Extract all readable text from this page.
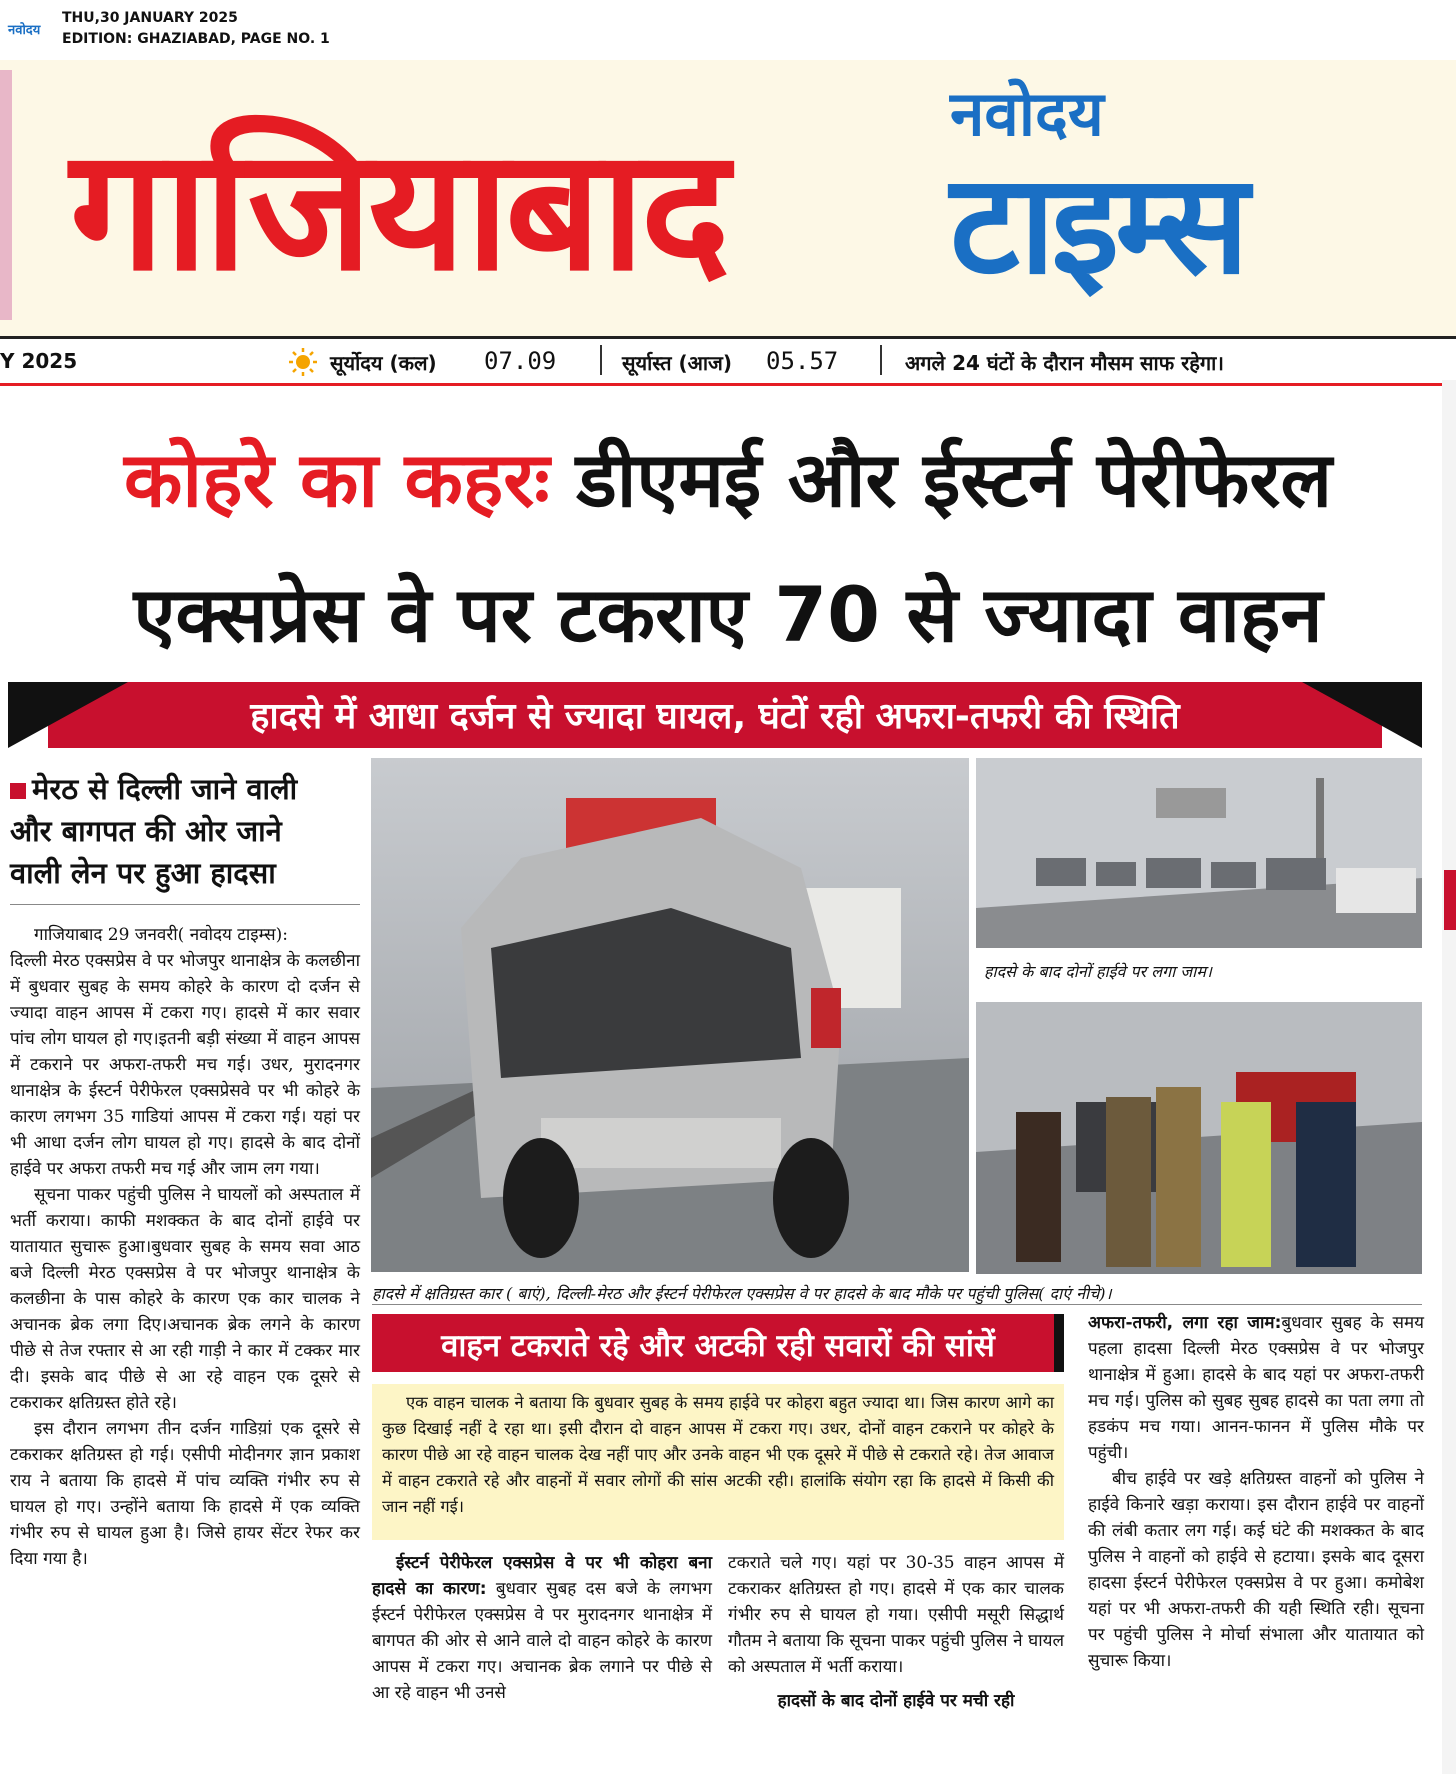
नवोदय
THU,30 JANUARY 2025
EDITION: GHAZIABAD, PAGE NO. 1
गाजियाबाद	नवोदय
टाइम्स
Y 2025	सूर्योदय (कल) 07.09	सूर्यास्त (आज) 05.57	अगले 24 घंटों के दौरान मौसम साफ रहेगा।
कोहरे का कहरः डीएमई और ईस्टर्न पेरीफेरल
एक्सप्रेस वे पर टकराए 70 से ज्यादा वाहन
हादसे में आधा दर्जन से ज्यादा घायल, घंटों रही अफरा-तफरी की स्थिति
मेरठ से दिल्ली जाने वाली
और बागपत की ओर जाने
वाली लेन पर हुआ हादसा

गाजियाबाद 29 जनवरी( नवोदय टाइम्स):

दिल्ली मेरठ एक्सप्रेस वे पर भोजपुर थानाक्षेत्र के कलछीना में बुधवार सुबह के समय कोहरे के कारण दो दर्जन से ज्यादा वाहन आपस में टकरा गए। हादसे में कार सवार पांच लोग घायल हो गए।इतनी बड़ी संख्या में वाहन आपस में टकराने पर अफरा-तफरी मच गई। उधर, मुरादनगर थानाक्षेत्र के ईस्टर्न पेरीफेरल एक्सप्रेसवे पर भी कोहरे के कारण लगभग 35 गाडियां आपस में टकरा गई। यहां पर भी आधा दर्जन लोग घायल हो गए। हादसे के बाद दोनों हाईवे पर अफरा तफरी मच गई और जाम लग गया।

सूचना पाकर पहुंची पुलिस ने घायलों को अस्पताल में भर्ती कराया। काफी मशक्कत के बाद दोनों हाईवे पर यातायात सुचारू हुआ।बुधवार सुबह के समय सवा आठ बजे दिल्ली मेरठ एक्सप्रेस वे पर भोजपुर थानाक्षेत्र के कलछीना के पास कोहरे के कारण एक कार चालक ने अचानक ब्रेक लगा दिए।अचानक ब्रेक लगने के कारण पीछे से तेज रफ्तार से आ रही गाड़ी ने कार में टक्कर मार दी। इसके बाद पीछे से आ रहे वाहन एक दूसरे से टकराकर क्षतिग्रस्त होते रहे।

इस दौरान लगभग तीन दर्जन गाडिय़ां एक दूसरे से टकराकर क्षतिग्रस्त हो गई। एसीपी मोदीनगर ज्ञान प्रकाश राय ने बताया कि हादसे में पांच व्यक्ति गंभीर रुप से घायल हो गए। उन्होंने बताया कि हादसे में एक व्यक्ति गंभीर रुप से घायल हुआ है। जिसे हायर सेंटर रेफर कर दिया गया है।

हादसे के बाद दोनों हाईवे पर लगा जाम।
हादसे में क्षतिग्रस्त कार ( बाएं), दिल्ली-मेरठ और ईस्टर्न पेरीफेरल एक्सप्रेस वे पर हादसे के बाद मौके पर पहुंची पुलिस( दाएं नीचे)।
वाहन टकराते रहे और अटकी रही सवारों की सांसें

एक वाहन चालक ने बताया कि बुधवार सुबह के समय हाईवे पर कोहरा बहुत ज्यादा था। जिस कारण आगे का कुछ दिखाई नहीं दे रहा था। इसी दौरान दो वाहन आपस में टकरा गए। उधर, दोनों वाहन टकराने पर कोहरे के कारण पीछे आ रहे वाहन चालक देख नहीं पाए और उनके वाहन भी एक दूसरे में पीछे से टकराते रहे। तेज आवाज में वाहन टकराते रहे और वाहनों में सवार लोगों की सांस अटकी रही। हालांकि संयोग रहा कि हादसे में किसी की जान नहीं गई।

ईस्टर्न पेरीफेरल एक्सप्रेस वे पर भी कोहरा बना हादसे का कारण: बुधवार सुबह दस बजे के लगभग ईस्टर्न पेरीफेरल एक्सप्रेस वे पर मुरादनगर थानाक्षेत्र में बागपत की ओर से आने वाले दो वाहन कोहरे के कारण आपस में टकरा गए। अचानक ब्रेक लगाने पर पीछे से आ रहे वाहन भी उनसे

टकराते चले गए। यहां पर 30-35 वाहन आपस में टकराकर क्षतिग्रस्त हो गए। हादसे में एक कार चालक गंभीर रुप से घायल हो गया। एसीपी मसूरी सिद्धार्थ गौतम ने बताया कि सूचना पाकर पहुंची पुलिस ने घायल को अस्पताल में भर्ती कराया।

हादसों के बाद दोनों हाईवे पर मची रही

अफरा-तफरी, लगा रहा जाम:बुधवार सुबह के समय पहला हादसा दिल्ली मेरठ एक्सप्रेस वे पर भोजपुर थानाक्षेत्र में हुआ। हादसे के बाद यहां पर अफरा-तफरी मच गई। पुलिस को सुबह सुबह हादसे का पता लगा तो हडकंप मच गया। आनन-फानन में पुलिस मौके पर पहुंची।

बीच हाईवे पर खड़े क्षतिग्रस्त वाहनों को पुलिस ने हाईवे किनारे खड़ा कराया। इस दौरान हाईवे पर वाहनों की लंबी कतार लग गई। कई घंटे की मशक्कत के बाद पुलिस ने वाहनों को हाईवे से हटाया। इसके बाद दूसरा हादसा ईस्टर्न पेरीफेरल एक्सप्रेस वे पर हुआ। कमोबेश यहां पर भी अफरा-तफरी की यही स्थिति रही। सूचना पर पहुंची पुलिस ने मोर्चा संभाला और यातायात को सुचारू किया।
